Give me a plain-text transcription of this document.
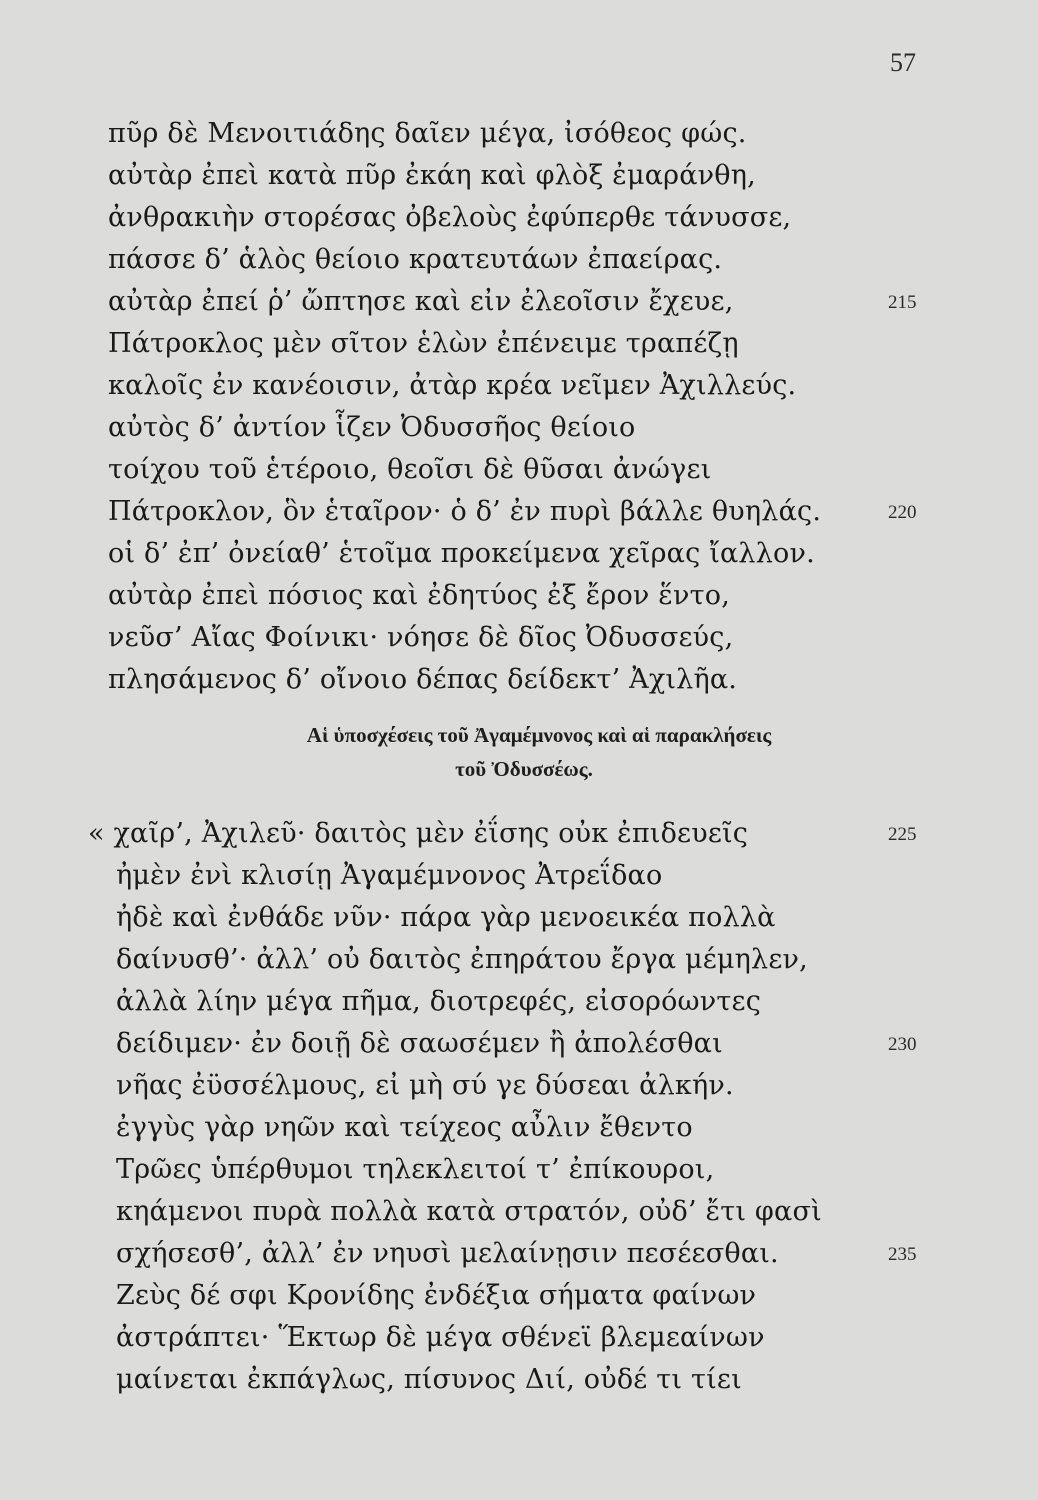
57
πῦρ δὲ Μενοιτιάδης δαῖεν μέγα, ἰσόθεος φώς.
αὐτὰρ ἐπεὶ κατὰ πῦρ ἐκάη καὶ φλὸξ ἐμαράνθη,
ἀνθρακιὴν στορέσας ὀβελοὺς ἐφύπερθε τάνυσσε,
πάσσε δ’ ἁλὸς θείοιο κρατευτάων ἐπαείρας.
αὐτὰρ ἐπεί ῥ’ ὤπτησε καὶ εἰν ἐλεοῖσιν ἔχευε,	215
Πάτροκλος μὲν σῖτον ἑλὼν ἐπένειμε τραπέζῃ
καλοῖς ἐν κανέοισιν, ἀτὰρ κρέα νεῖμεν Ἀχιλλεύς.
αὐτὸς δ’ ἀντίον ἷζεν Ὀδυσσῆος θείοιο
τοίχου τοῦ ἑτέροιο, θεοῖσι δὲ θῦσαι ἀνώγει
Πάτροκλον, ὃν ἑταῖρον· ὁ δ’ ἐν πυρὶ βάλλε θυηλάς.	220
οἱ δ’ ἐπ’ ὀνείαθ’ ἑτοῖμα προκείμενα χεῖρας ἴαλλον.
αὐτὰρ ἐπεὶ πόσιος καὶ ἐδητύος ἐξ ἔρον ἕντο,
νεῦσ’ Αἴας Φοίνικι· νόησε δὲ δῖος Ὀδυσσεύς,
πλησάμενος δ’ οἴνοιο δέπας δείδεκτ’ Ἀχιλῆα.
Αἱ ὑποσχέσεις τοῦ Ἀγαμέμνονος καὶ αἱ παρακλήσεις
τοῦ Ὀδυσσέως.
« χαῖρ’, Ἀχιλεῦ· δαιτὸς μὲν ἐΐσης οὐκ ἐπιδευεῖς	225
ἠμὲν ἐνὶ κλισίῃ Ἀγαμέμνονος Ἀτρεΐδαο
ἠδὲ καὶ ἐνθάδε νῦν· πάρα γὰρ μενοεικέα πολλὰ
δαίνυσθ’· ἀλλ’ οὐ δαιτὸς ἐπηράτου ἔργα μέμηλεν,
ἀλλὰ λίην μέγα πῆμα, διοτρεφές, εἰσορόωντες
δείδιμεν· ἐν δοιῇ δὲ σαωσέμεν ἢ ἀπολέσθαι	230
νῆας ἐϋσσέλμους, εἰ μὴ σύ γε δύσεαι ἀλκήν.
ἐγγὺς γὰρ νηῶν καὶ τείχεος αὖλιν ἔθεντο
Τρῶες ὑπέρθυμοι τηλεκλειτοί τ’ ἐπίκουροι,
κηάμενοι πυρὰ πολλὰ κατὰ στρατόν, οὐδ’ ἔτι φασὶ
σχήσεσθ’, ἀλλ’ ἐν νηυσὶ μελαίνῃσιν πεσέεσθαι.	235
Ζεὺς δέ σφι Κρονίδης ἐνδέξια σήματα φαίνων
ἀστράπτει· Ἕκτωρ δὲ μέγα σθένεϊ βλεμεαίνων
μαίνεται ἐκπάγλως, πίσυνος Διί, οὐδέ τι τίει
